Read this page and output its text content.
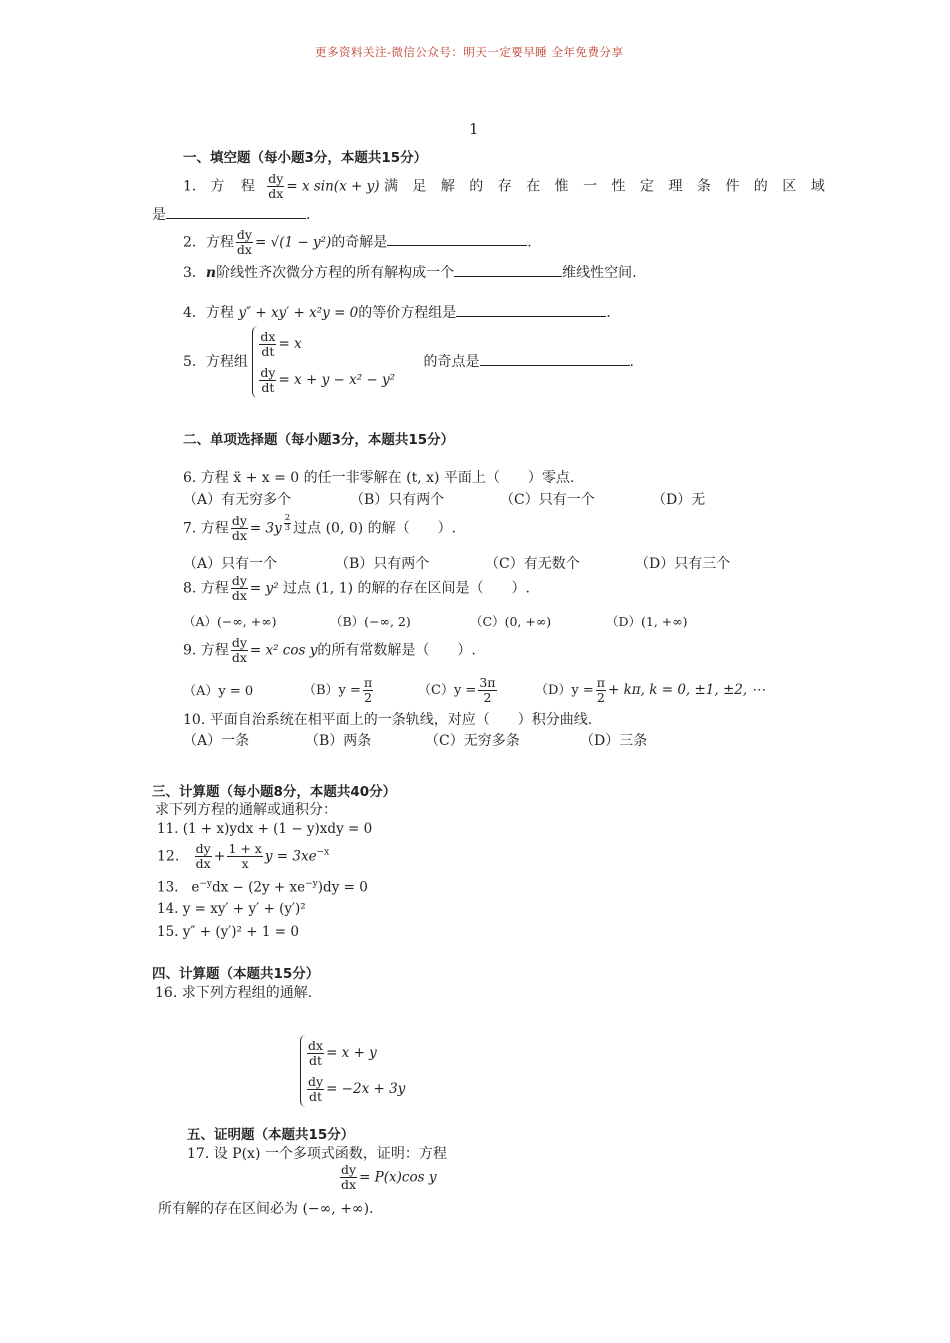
更多资料关注-微信公众号：明天一定要早睡 全年免费分享
1
一、填空题（每小题3分，本题共15分）
1． 方 程 $\frac{dy}{dx} = x$ sin(x + y) 满 足 解 的 存 在 惟 一 性 定 理 条 件 的 区 域
是	.
2．方程 $\frac{dy}{dx} = √(1 - y^2)$的奇解是	.
3．n阶线性齐次微分方程的所有解构成一个	维线性空间.
4．方程 y″ + xy′ + x²y = 0的等价方程组是	.
5．方程组
$\frac{dx}{dt} = x$
$\frac{dy}{dt} = x + y - x^2 - y^2$
的奇点是	.
二、单项选择题（每小题3分，本题共15分）
6. 方程 ẍ + x = 0 的任一非零解在 (t, x) 平面上（　　）零点.
（A）有无穷多个	（B）只有两个	（C）只有一个	（D）无
7. 方程 $\frac{dy}{dx} = 3y \frac{2}{3}$ 过点 (0, 0) 的解（　　）.
（A）只有一个	（B）只有两个	（C）有无数个	（D）只有三个
8. 方程 $\frac{dy}{dx} = y^2$ 过点 (1, 1) 的解的存在区间是（　　）.
（A）(−∞, +∞)	（B）(−∞, 2)	（C）(0, +∞)	（D）(1, +∞)
9. 方程 $\frac{dy}{dx} = x^2$ cos y的所有常数解是（　　）.
（A）y = 0	$(B)y = \frac{\pi}{2}$	$(C)y = \frac{3\pi}{2}$	$(D)y = \frac{\pi}{2} + k\pi$, k = 0, ±1, ±2, ⋯
10. 平面自治系统在相平面上的一条轨线，对应（　　）积分曲线.
（A）一条	（B）两条	（C）无穷多条	（D）三条
三、计算题（每小题8分，本题共40分）
求下列方程的通解或通积分：
11. (1 + x)ydx + (1 − y)xdy = 0
12. $\frac{dy}{dx} + \frac{1 + x}{x}$ $y = 3xe^{-x}$
13. $e^{-y}dx - (2y + xe^{-y})dy = 0$
14. y = xy′ + y′ + (y′)²
15. y″ + (y′)² + 1 = 0
四、计算题（本题共15分）
16. 求下列方程组的通解.
$\frac{dx}{dt} = x + y$
$\frac{dy}{dt} = -2x + 3y$
五、证明题（本题共15分）
17. 设 P(x) 一个多项式函数，证明：方程
$\frac{dy}{dx} = P(x)\cos$ y
所有解的存在区间必为 (−∞, +∞).
